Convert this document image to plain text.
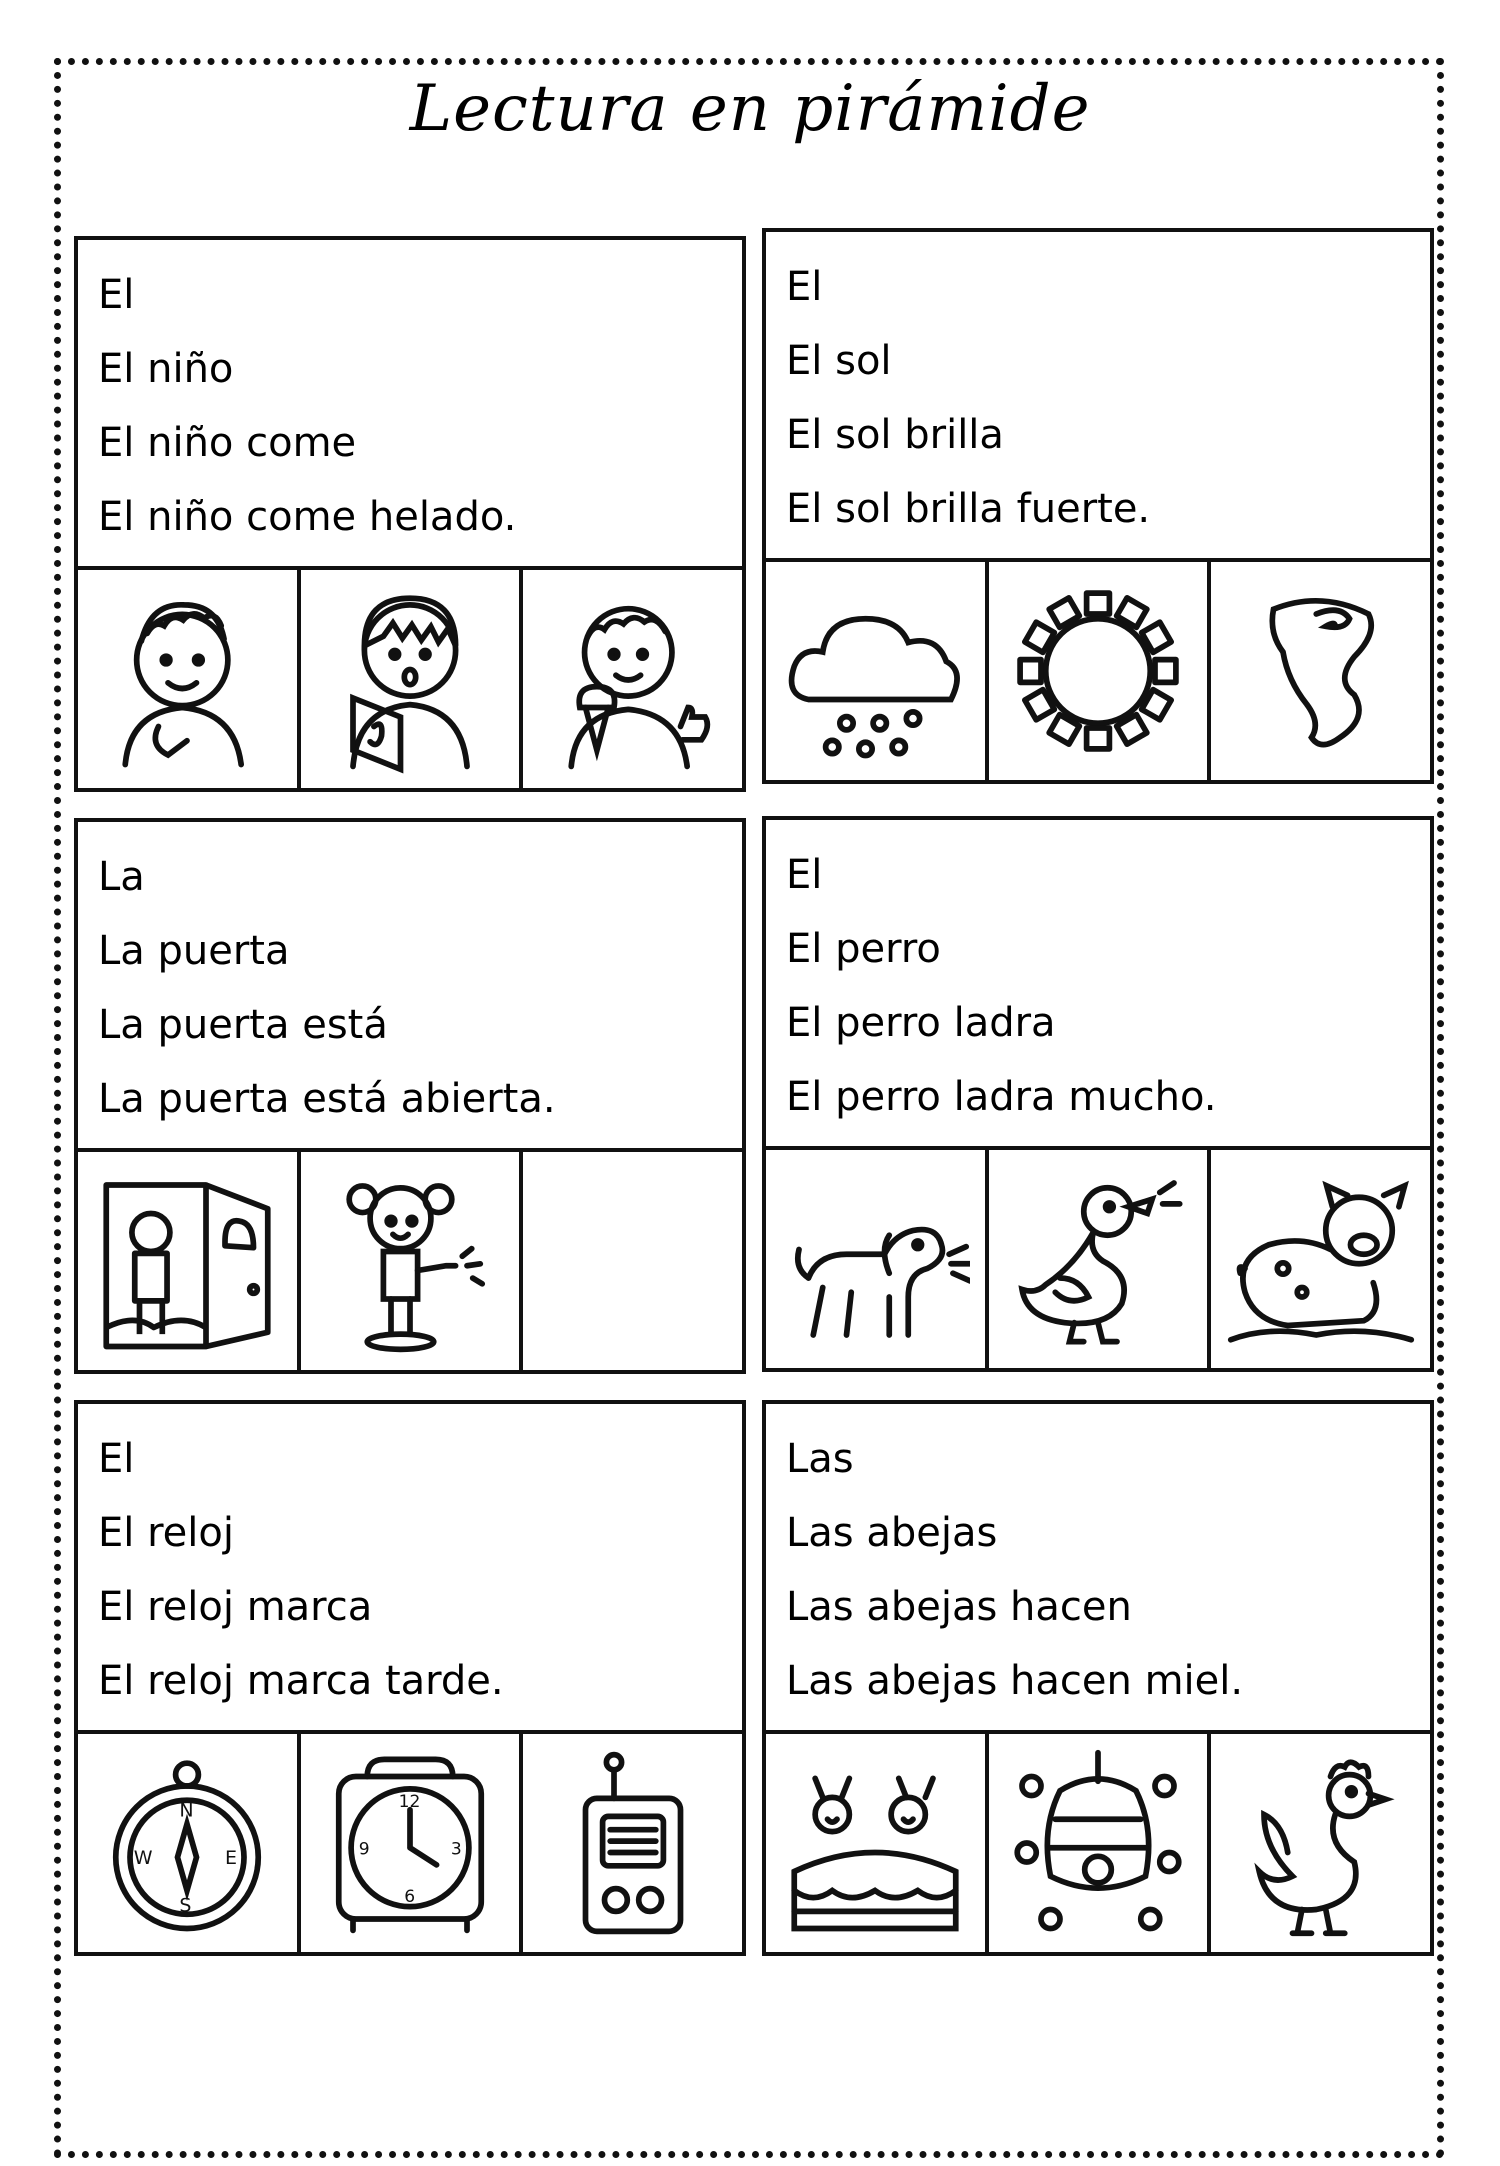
Lectura en pirámide
El
El niño
El niño come
El niño come helado.
El
El sol
El sol brilla
El sol brilla fuerte.
La
La puerta
La puerta está
La puerta está abierta.
El
El perro
El perro ladra
El perro ladra mucho.
El
El reloj
El reloj marca
El reloj marca tarde.
N
S
W	E
12
3
6
9
Las
Las abejas
Las abejas hacen
Las abejas hacen miel.
